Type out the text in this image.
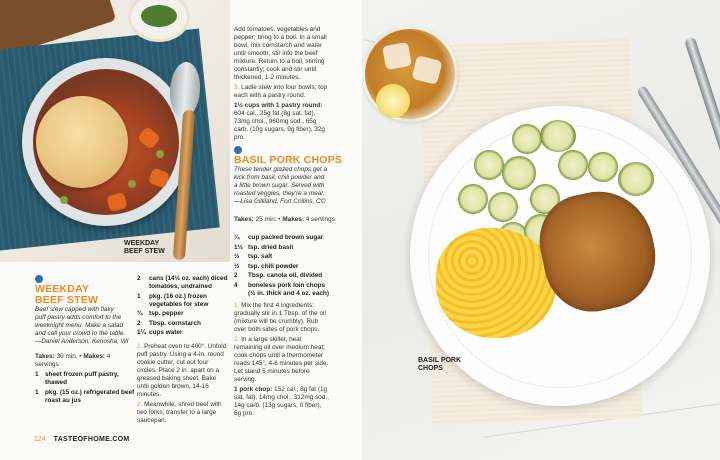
WEEKDAY
BEEF STEW
WEEKDAY
BEEF STEW
Beef stew capped with flaky
puff pastry adds comfort to the
weeknight menu. Make a salad
and call your crowd to the table.
—Daniel Anderson, Kenosha, WI
Takes: 30 min. • Makes: 4 servings
1	sheet frozen puff pastry, thawed
1	pkg. (15 oz.) refrigerated beef roast au jus
2	cans (14½ oz. each) diced tomatoes, undrained
1	pkg. (16 oz.) frozen vegetables for stew
¾	tsp. pepper
2	Tbsp. cornstarch
1¼ cups water

1. Preheat oven to 400°. Unfold puff pastry. Using a 4-in. round cookie cutter, cut out four circles. Place 2 in. apart on a greased baking sheet. Bake until golden brown, 14-16 minutes.

2. Meanwhile, shred beef with two forks; transfer to a large saucepan.

Add tomatoes, vegetables and pepper; bring to a boil. In a small bowl, mix cornstarch and water until smooth; stir into the beef mixture. Return to a boil, stirring constantly; cook and stir until thickened, 1-2 minutes.

3. Ladle stew into four bowls; top each with a pastry round.

1½ cups with 1 pastry round: 604 cal., 25g fat (8g sat. fat), 73mg chol., 960mg sod., 65g carb. (10g sugars, 9g fiber), 32g pro.
BASIL PORK CHOPS
These tender glazed chops get a
kick from basil, chili powder and
a little brown sugar. Served with
roasted veggies, they're a meal.
—Lisa Gilliland, Fort Collins, CO
Takes: 25 min. • Makes: 4 servings
¼	cup packed brown sugar
1½ tsp. dried basil
½	tsp. salt
½	tsp. chili powder
2	Tbsp. canola oil, divided
4	boneless pork loin chops (½ in. thick and 4 oz. each)

1. Mix the first 4 ingredients; gradually stir in 1 Tbsp. of the oil (mixture will be crumbly). Rub over both sides of pork chops.

2. In a large skillet, heat remaining oil over medium heat; cook chops until a thermometer reads 145°, 4-6 minutes per side. Let stand 5 minutes before serving.

1 pork chop: 152 cal., 8g fat (1g sat. fat), 14mg chol., 312mg sod., 14g carb. (13g sugars, 0 fiber), 6g pro.
124 TASTEOFHOME.COM
BASIL PORK
CHOPS
